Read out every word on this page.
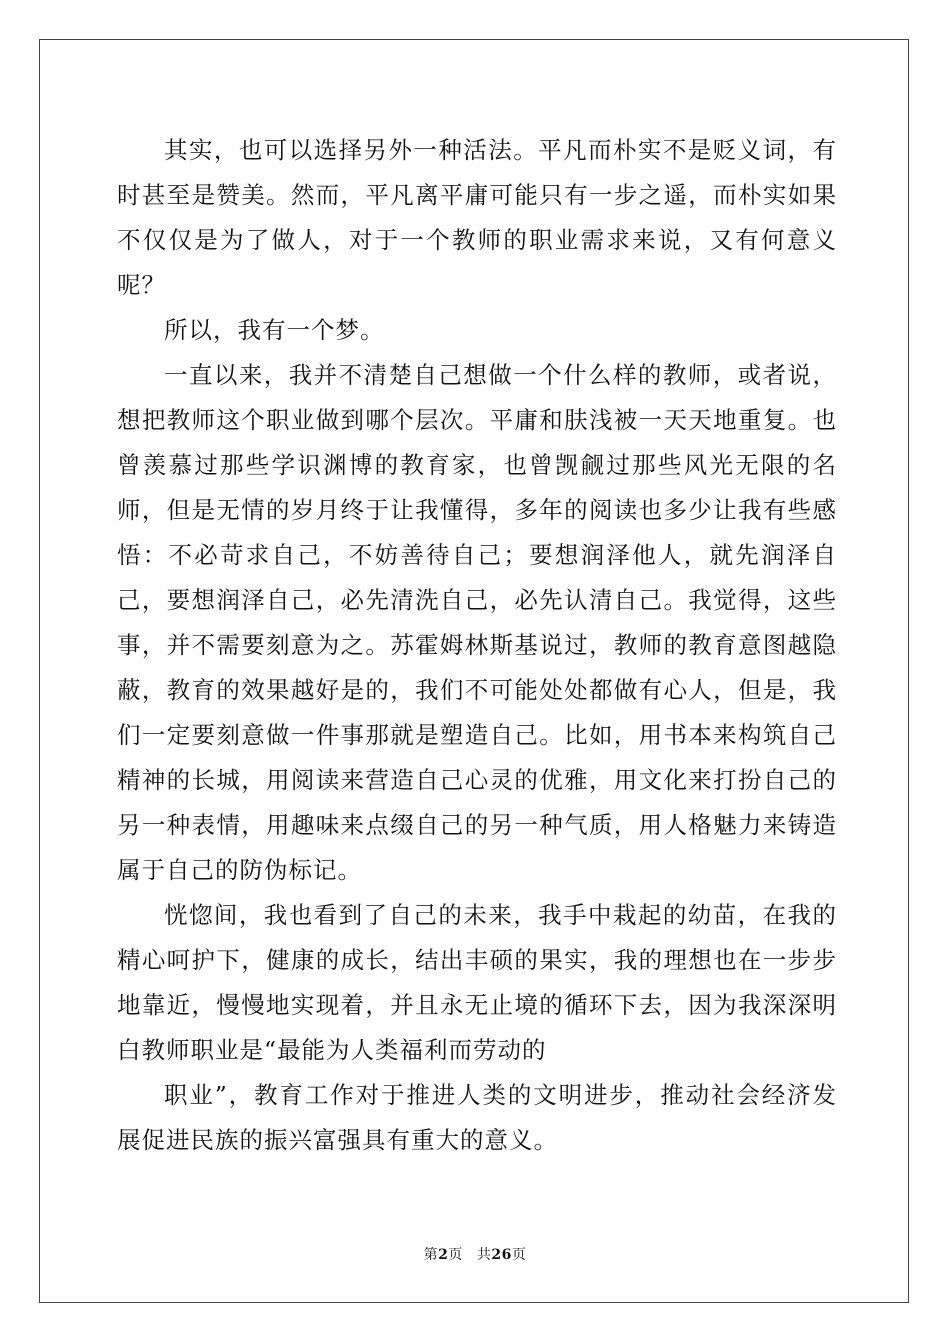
其实，也可以选择另外一种活法。平凡而朴实不是贬义词，有时甚至是赞美。然而，平凡离平庸可能只有一步之遥，而朴实如果不仅仅是为了做人，对于一个教师的职业需求来说，又有何意义呢？

所以，我有一个梦。

一直以来，我并不清楚自己想做一个什么样的教师，或者说，想把教师这个职业做到哪个层次。平庸和肤浅被一天天地重复。也曾羡慕过那些学识渊博的教育家，也曾觊觎过那些风光无限的名师，但是无情的岁月终于让我懂得，多年的阅读也多少让我有些感悟：不必苛求自己，不妨善待自己；要想润泽他人，就先润泽自己，要想润泽自己，必先清洗自己，必先认清自己。我觉得，这些事，并不需要刻意为之。苏霍姆林斯基说过，教师的教育意图越隐蔽，教育的效果越好是的，我们不可能处处都做有心人，但是，我们一定要刻意做一件事那就是塑造自己。比如，用书本来构筑自己精神的长城，用阅读来营造自己心灵的优雅，用文化来打扮自己的另一种表情，用趣味来点缀自己的另一种气质，用人格魅力来铸造属于自己的防伪标记。

恍惚间，我也看到了自己的未来，我手中栽起的幼苗，在我的精心呵护下，健康的成长，结出丰硕的果实，我的理想也在一步步地靠近，慢慢地实现着，并且永无止境的循环下去，因为我深深明白教师职业是“最能为人类福利而劳动的

职业”，教育工作对于推进人类的文明进步，推动社会经济发展促进民族的振兴富强具有重大的意义。

第2页 共26页
